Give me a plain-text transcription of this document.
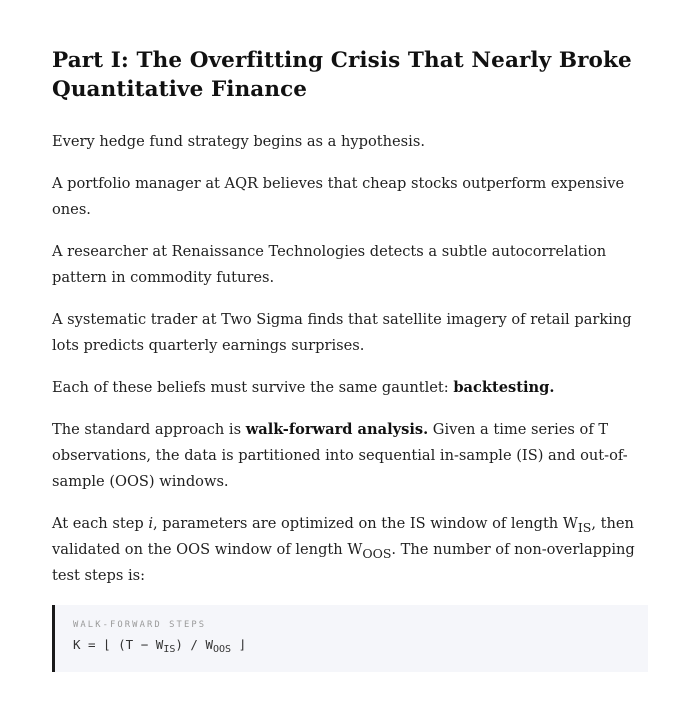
Part I: The Overfitting Crisis That Nearly Broke Quantitative Finance

Every hedge fund strategy begins as a hypothesis.

A portfolio manager at AQR believes that cheap stocks outperform expensive ones.

A researcher at Renaissance Technologies detects a subtle autocorrelation pattern in commodity futures.

A systematic trader at Two Sigma finds that satellite imagery of retail parking lots predicts quarterly earnings surprises.

Each of these beliefs must survive the same gauntlet: backtesting.

The standard approach is walk-forward analysis. Given a time series of T observations, the data is partitioned into sequential in-sample (IS) and out-of-sample (OOS) windows.

At each step i, parameters are optimized on the IS window of length $W_{IS}$, then validated on the OOS window of length $W_{OOS}$. The number of non-overlapping test steps is:

WALK-FORWARD STEPS
K = ⌊ $(T - W_{IS}) / W_{OOS}$ ⌋
